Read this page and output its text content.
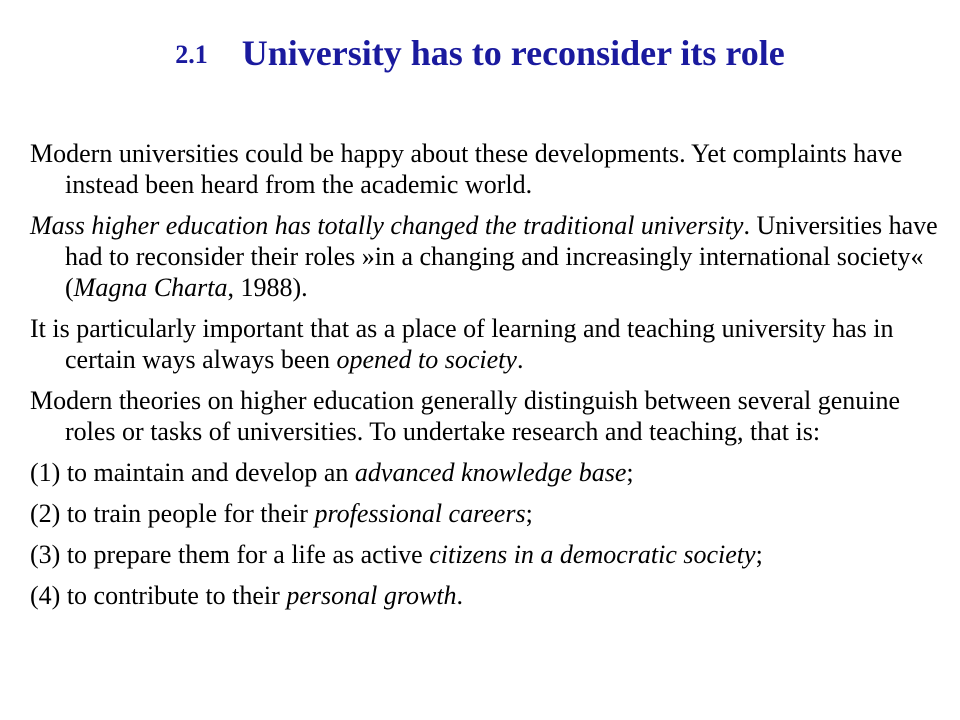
2.1 University has to reconsider its role
Modern universities could be happy about these developments. Yet complaints have instead been heard from the academic world.
Mass higher education has totally changed the traditional university. Universities have had to reconsider their roles »in a changing and increasingly international society« (Magna Charta, 1988).
It is particularly important that as a place of learning and teaching university has in certain ways always been opened to society.
Modern theories on higher education generally distinguish between several genuine roles or tasks of universities. To undertake research and teaching, that is:
(1) to maintain and develop an advanced knowledge base;
(2) to train people for their professional careers;
(3) to prepare them for a life as active citizens in a democratic society;
(4) to contribute to their personal growth.
